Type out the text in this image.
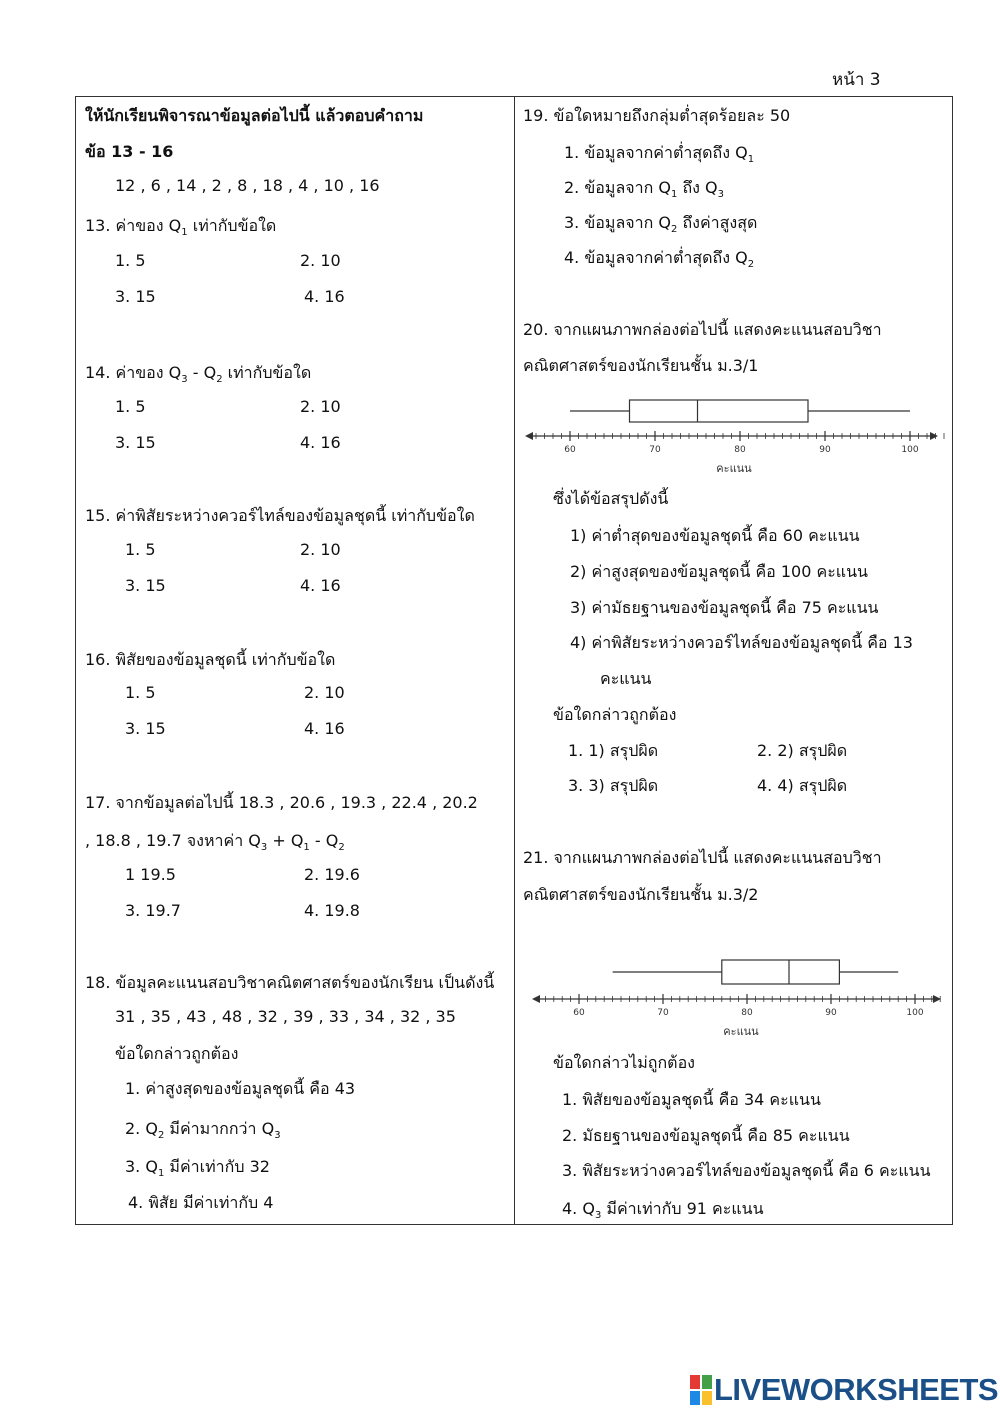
หน้า 3
ให้นักเรียนพิจารณาข้อมูลต่อไปนี้ แล้วตอบคำถาม
ข้อ 13 - 16
12 , 6 , 14 , 2 , 8 , 18 , 4 , 10 , 16
13. ค่าของ $Q_1$ เท่ากับข้อใด
1. 5	2. 10
3. 15	4. 16
14. ค่าของ $Q_3 - Q_2$ เท่ากับข้อใด
1. 5	2. 10
3. 15	4. 16
15. ค่าพิสัยระหว่างควอร์ไทล์ของข้อมูลชุดนี้ เท่ากับข้อใด
1. 5	2. 10
3. 15	4. 16
16. พิสัยของข้อมูลชุดนี้ เท่ากับข้อใด
1. 5	2. 10
3. 15	4. 16
17. จากข้อมูลต่อไปนี้ 18.3 , 20.6 , 19.3 , 22.4 , 20.2
, 18.8 , 19.7 จงหาค่า $Q_3 + Q_1 - Q_2$
1 19.5	2. 19.6
3. 19.7	4. 19.8
18. ข้อมูลคะแนนสอบวิชาคณิตศาสตร์ของนักเรียน เป็นดังนี้
31 , 35 , 43 , 48 , 32 , 39 , 33 , 34 , 32 , 35
ข้อใดกล่าวถูกต้อง
1. ค่าสูงสุดของข้อมูลชุดนี้ คือ 43
2. $Q_2$ มีค่ามากกว่า $Q_3$
3. $Q_1$ มีค่าเท่ากับ 32
4. พิสัย มีค่าเท่ากับ 4
19. ข้อใดหมายถึงกลุ่มต่ำสุดร้อยละ 50
1. ข้อมูลจากค่าต่ำสุดถึง $Q_1$
2. ข้อมูลจาก $Q_1$ ถึง $Q_3$
3. ข้อมูลจาก $Q_2$ ถึงค่าสูงสุด
4. ข้อมูลจากค่าต่ำสุดถึง $Q_2$
20. จากแผนภาพกล่องต่อไปนี้ แสดงคะแนนสอบวิชา
คณิตศาสตร์ของนักเรียนชั้น ม.3/1
60	70	80	90	100
คะแนน
ซึ่งได้ข้อสรุปดังนี้
1) ค่าต่ำสุดของข้อมูลชุดนี้ คือ 60 คะแนน
2) ค่าสูงสุดของข้อมูลชุดนี้ คือ 100 คะแนน
3) ค่ามัธยฐานของข้อมูลชุดนี้ คือ 75 คะแนน
4) ค่าพิสัยระหว่างควอร์ไทล์ของข้อมูลชุดนี้ คือ 13
คะแนน
ข้อใดกล่าวถูกต้อง
1. 1) สรุปผิด	2. 2) สรุปผิด
3. 3) สรุปผิด	4. 4) สรุปผิด
21. จากแผนภาพกล่องต่อไปนี้ แสดงคะแนนสอบวิชา
คณิตศาสตร์ของนักเรียนชั้น ม.3/2
60	70	80	90	100
คะแนน
ข้อใดกล่าวไม่ถูกต้อง
1. พิสัยของข้อมูลชุดนี้ คือ 34 คะแนน
2. มัธยฐานของข้อมูลชุดนี้ คือ 85 คะแนน
3. พิสัยระหว่างควอร์ไทล์ของข้อมูลชุดนี้ คือ 6 คะแนน
4. $Q_3$ มีค่าเท่ากับ 91 คะแนน
LIVEWORKSHEETS
